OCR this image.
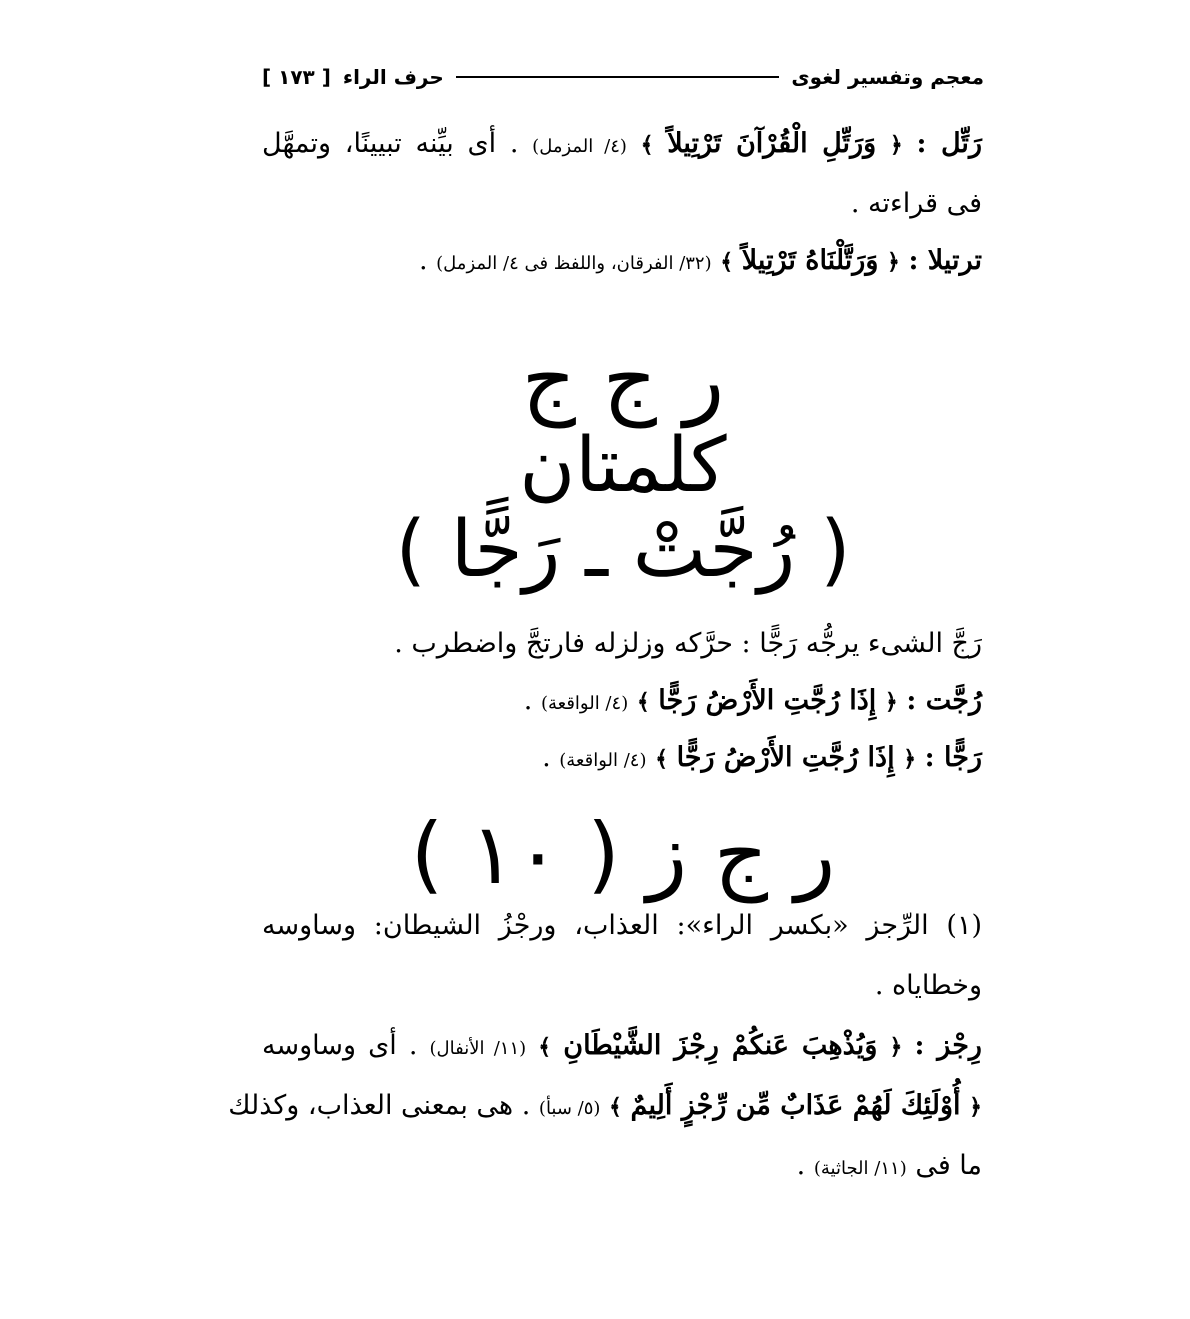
معجم وتفسير لغوى
حرف الراء
[ ١٧٣ ]
رَتِّل : ﴿ وَرَتِّلِ الْقُرْآنَ تَرْتِيلاً ﴾ (٤/ المزمل) . أى بيِّنه تبيينًا، وتمهَّل
فى قراءته .
ترتيلا : ﴿ وَرَتَّلْنَاهُ تَرْتِيلاً ﴾ (٣٢/ الفرقان، واللفظ فى ٤/ المزمل) .
ر ج ج
كلمتان
( رُجَّتْ ـ رَجًّا )
رَجَّ الشىء يرجُّه رَجًّا : حرَّكه وزلزله فارتجَّ واضطرب .
رُجَّت : ﴿ إِذَا رُجَّتِ الأَرْضُ رَجًّا ﴾ (٤/ الواقعة) .
رَجًّا : ﴿ إِذَا رُجَّتِ الأَرْضُ رَجًّا ﴾ (٤/ الواقعة) .
ر ج ز ( ١٠ )
(١) الرِّجز «بكسر الراء»: العذاب، ورجْزُ الشيطان: وساوسه
وخطاياه .
رِجْز : ﴿ وَيُذْهِبَ عَنكُمْ رِجْزَ الشَّيْطَانِ ﴾ (١١/ الأنفال) . أى وساوسه
﴿ أُوْلَئِكَ لَهُمْ عَذَابٌ مِّن رِّجْزٍ أَلِيمٌ ﴾ (٥/ سبأ) . هى بمعنى العذاب، وكذلك
ما فى (١١/ الجاثية) .
